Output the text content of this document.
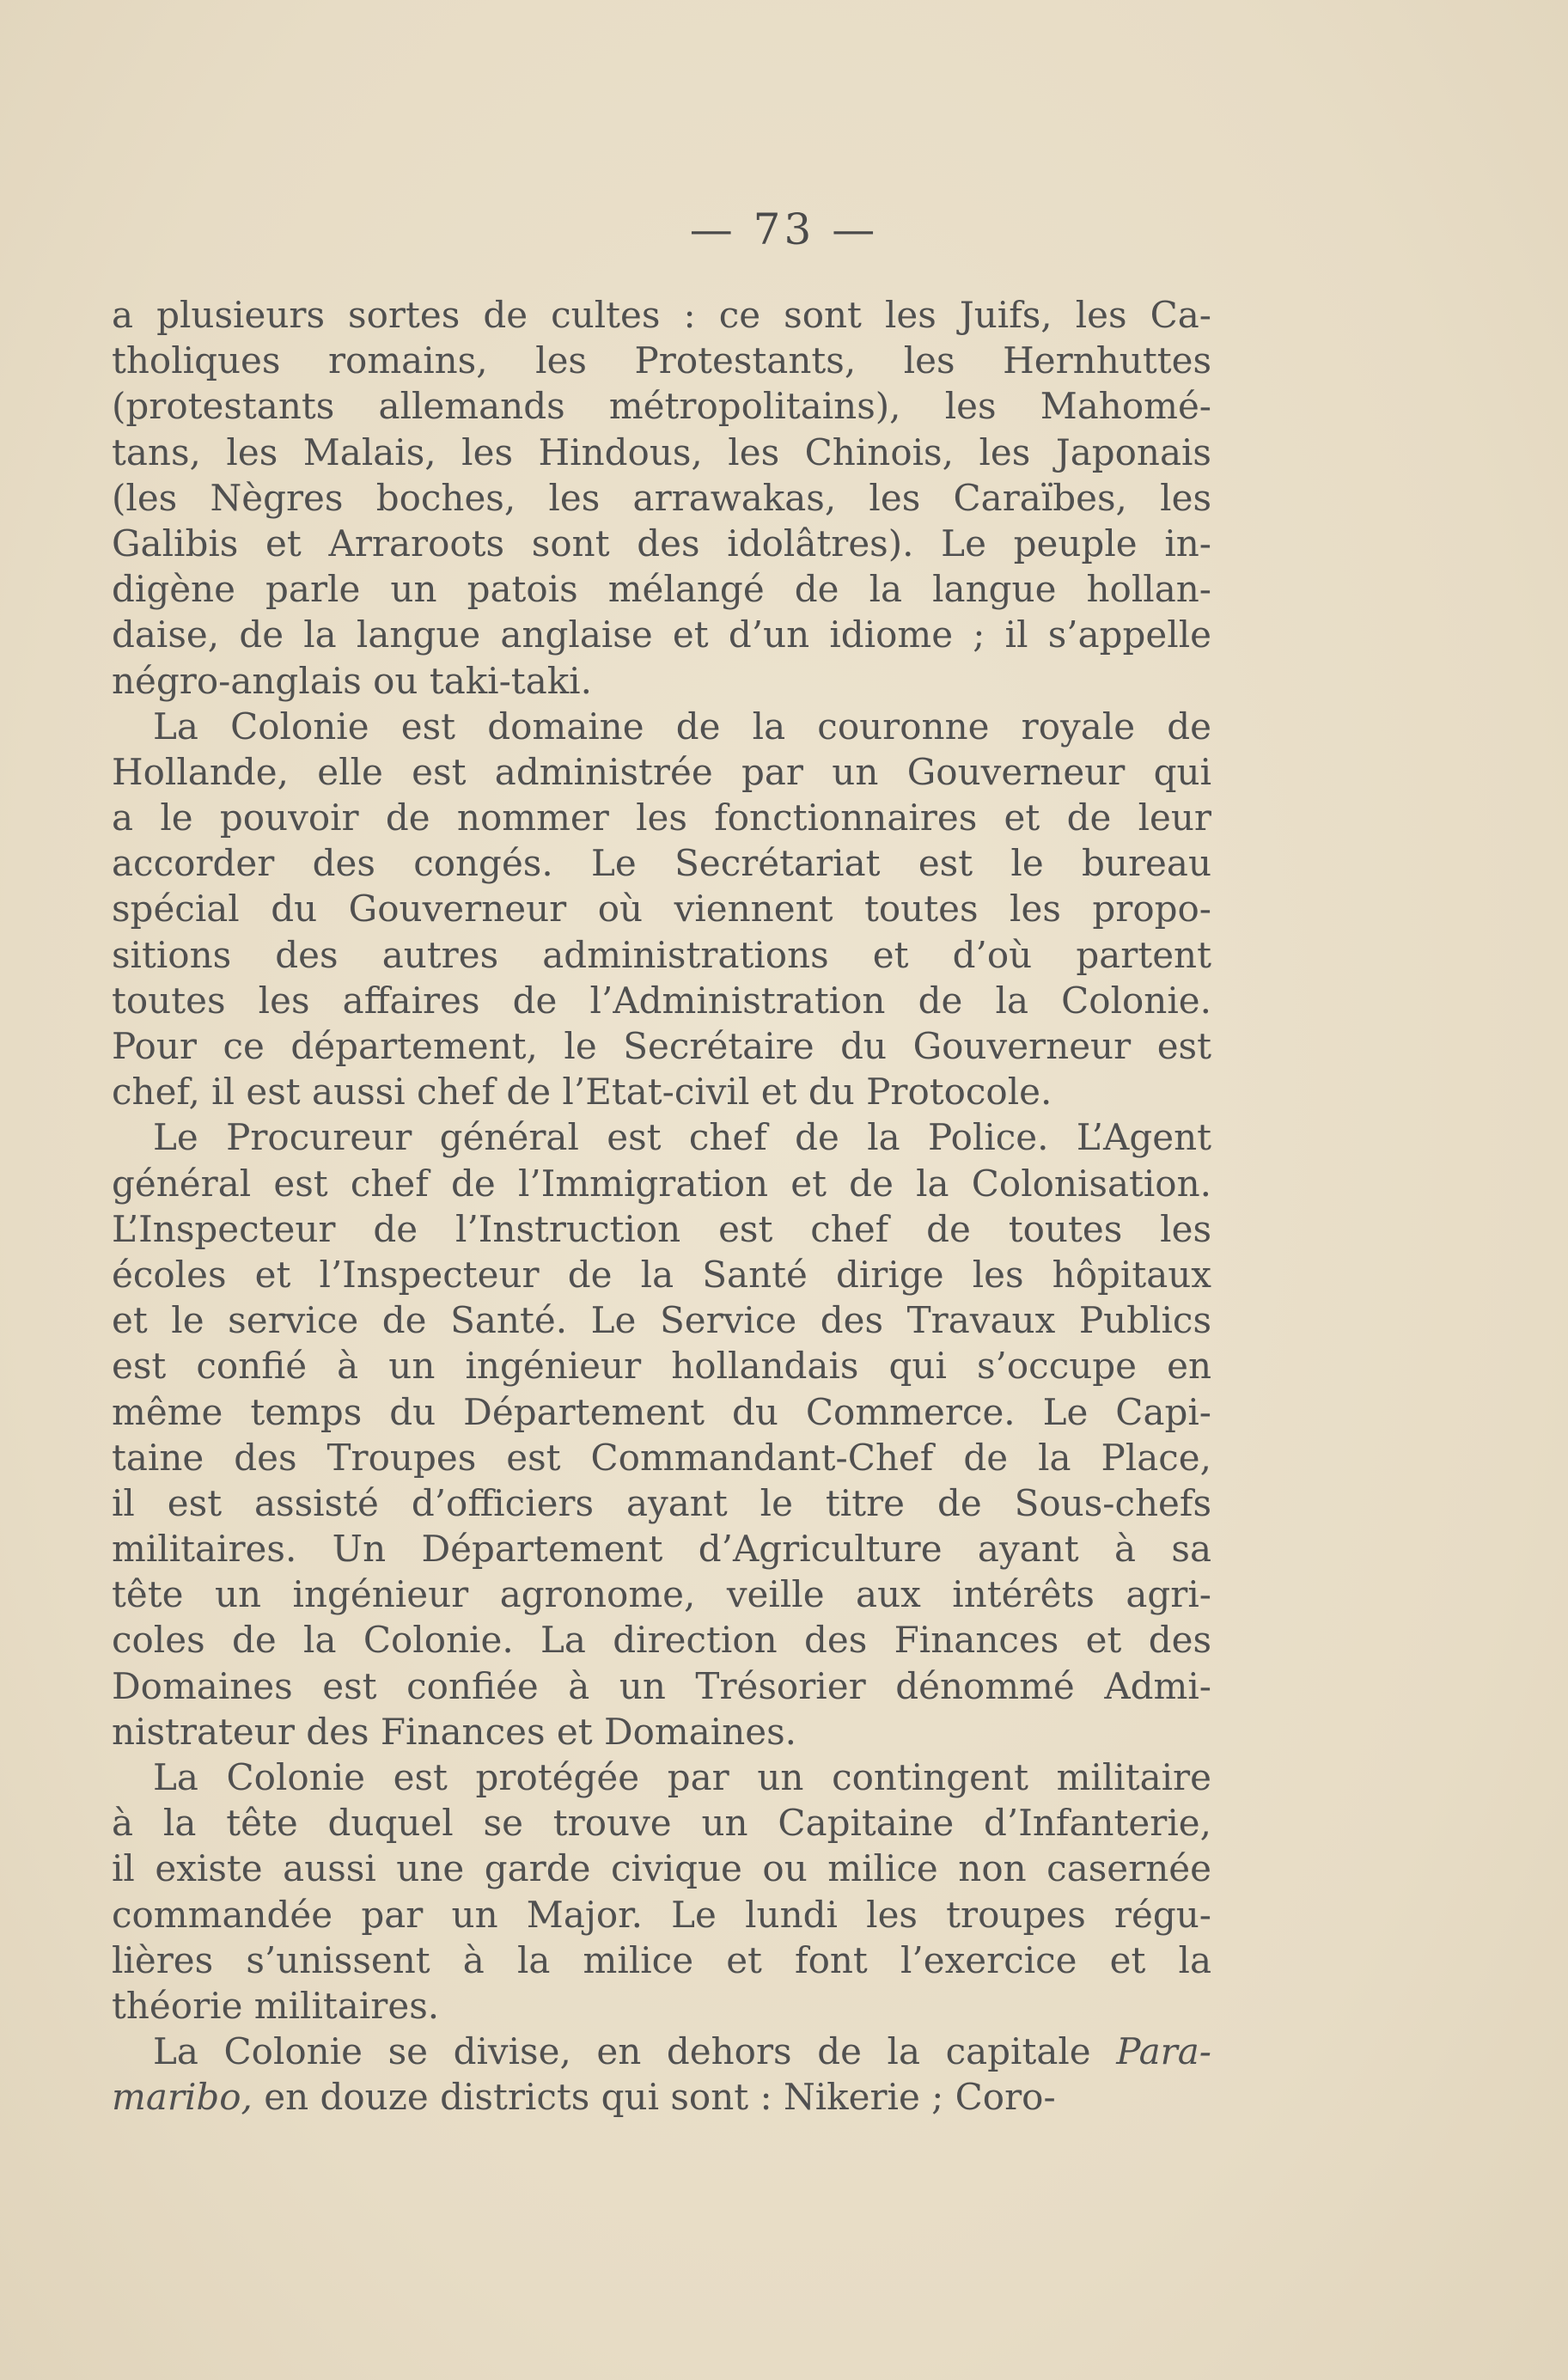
— 73 —
a plusieurs sortes de cultes : ce sont les Juifs, les Ca-
tholiques romains, les Protestants, les Hernhuttes
(protestants allemands métropolitains), les Mahomé-
tans, les Malais, les Hindous, les Chinois, les Japonais
(les Nègres boches, les arrawakas, les Caraïbes, les
Galibis et Arraroots sont des idolâtres). Le peuple in-
digène parle un patois mélangé de la langue hollan-
daise, de la langue anglaise et d’un idiome ; il s’appelle
négro-anglais ou taki-taki.
La Colonie est domaine de la couronne royale de
Hollande, elle est administrée par un Gouverneur qui
a le pouvoir de nommer les fonctionnaires et de leur
accorder des congés. Le Secrétariat est le bureau
spécial du Gouverneur où viennent toutes les propo-
sitions des autres administrations et d’où partent
toutes les affaires de l’Administration de la Colonie.
Pour ce département, le Secrétaire du Gouverneur est
chef, il est aussi chef de l’Etat-civil et du Protocole.
Le Procureur général est chef de la Police. L’Agent
général est chef de l’Immigration et de la Colonisation.
L’Inspecteur de l’Instruction est chef de toutes les
écoles et l’Inspecteur de la Santé dirige les hôpitaux
et le service de Santé. Le Service des Travaux Publics
est confié à un ingénieur hollandais qui s’occupe en
même temps du Département du Commerce. Le Capi-
taine des Troupes est Commandant-Chef de la Place,
il est assisté d’officiers ayant le titre de Sous-chefs
militaires. Un Département d’Agriculture ayant à sa
tête un ingénieur agronome, veille aux intérêts agri-
coles de la Colonie. La direction des Finances et des
Domaines est confiée à un Trésorier dénommé Admi-
nistrateur des Finances et Domaines.
La Colonie est protégée par un contingent militaire
à la tête duquel se trouve un Capitaine d’Infanterie,
il existe aussi une garde civique ou milice non casernée
commandée par un Major. Le lundi les troupes régu-
lières s’unissent à la milice et font l’exercice et la
théorie militaires.
La Colonie se divise, en dehors de la capitale Para-
maribo, en douze districts qui sont : Nikerie ; Coro-
